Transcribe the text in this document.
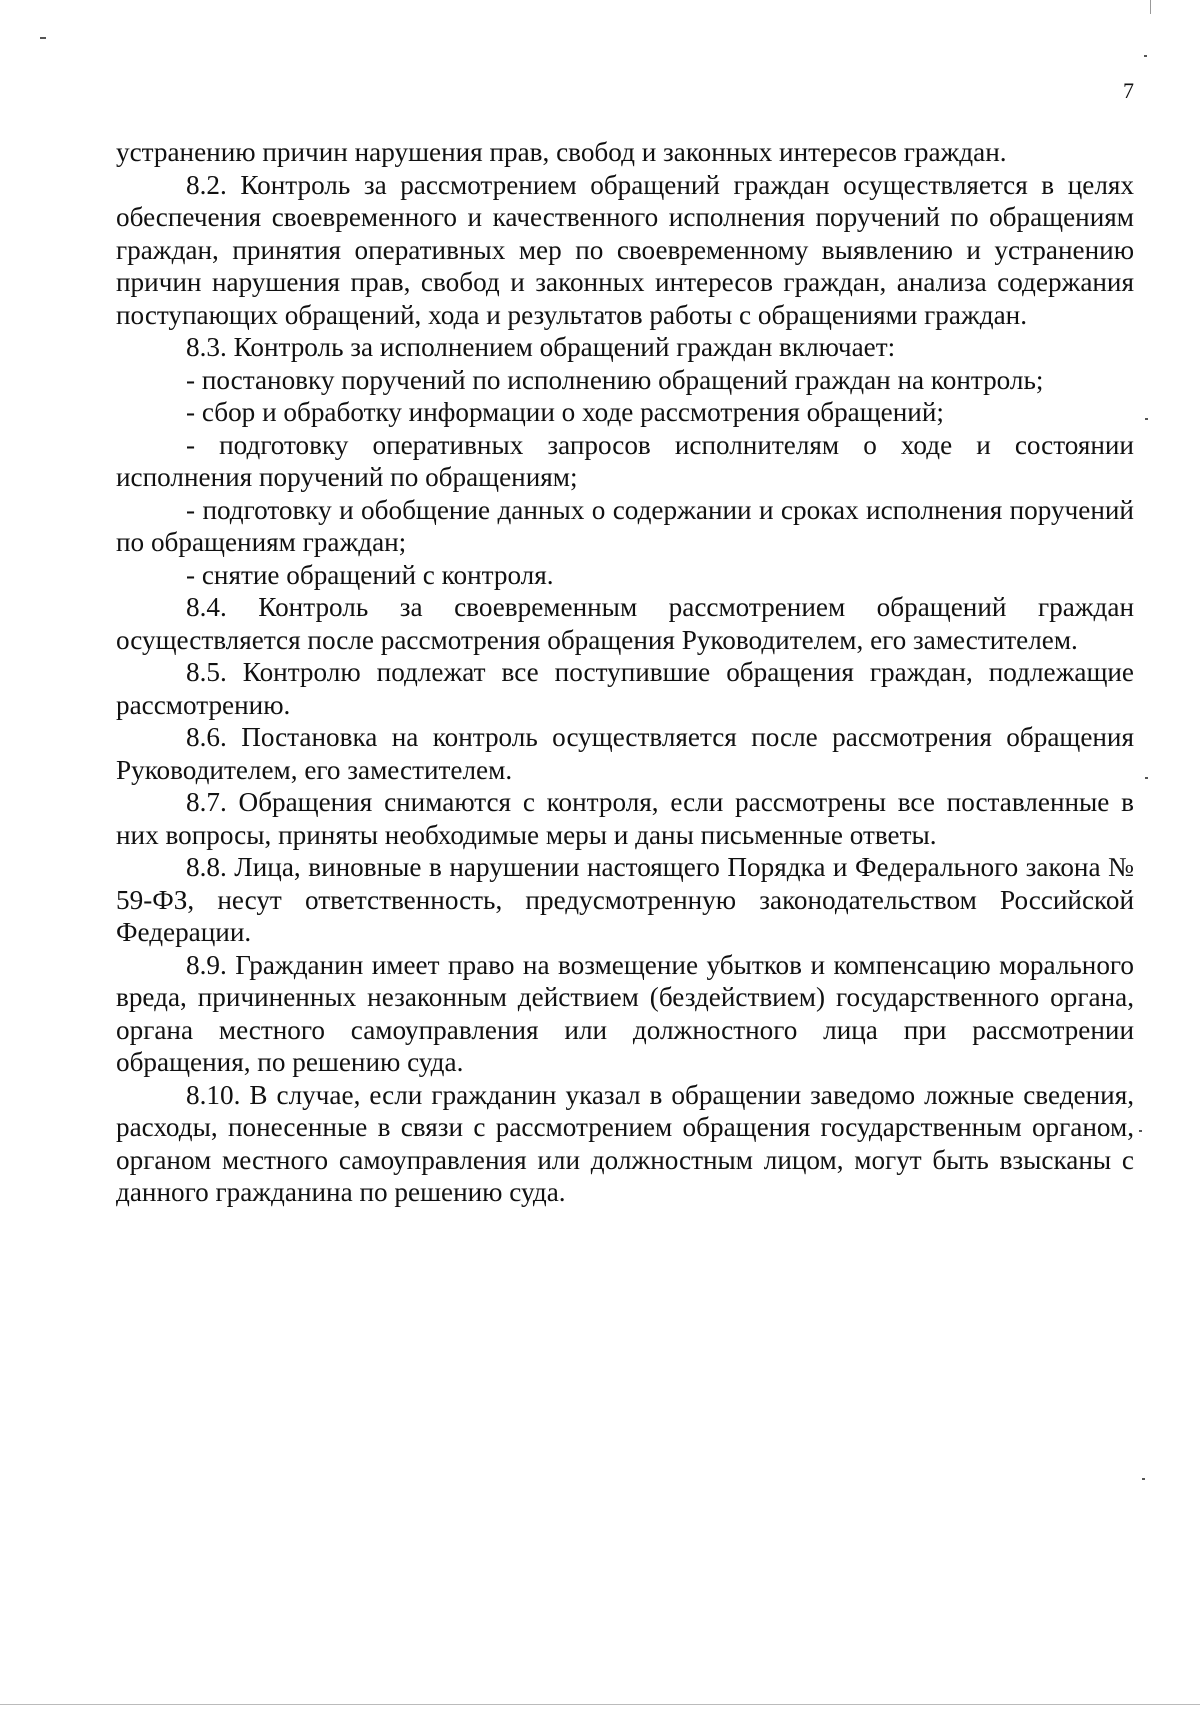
7

устранению причин нарушения прав, свобод и законных интересов граждан.

8.2. Контроль за рассмотрением обращений граждан осуществляется в целях обеспечения своевременного и качественного исполнения поручений по обращениям граждан, принятия оперативных мер по своевременному выявлению и устранению причин нарушения прав, свобод и законных интересов граждан, анализа содержания поступающих обращений, хода и результатов работы с обращениями граждан.

8.3. Контроль за исполнением обращений граждан включает:

- постановку поручений по исполнению обращений граждан на контроль;

- сбор и обработку информации о ходе рассмотрения обращений;

- подготовку оперативных запросов исполнителям о ходе и состоянии исполнения поручений по обращениям;

- подготовку и обобщение данных о содержании и сроках исполнения поручений по обращениям граждан;

- снятие обращений с контроля.

8.4. Контроль за своевременным рассмотрением обращений граждан осуществляется после рассмотрения обращения Руководителем, его заместителем.

8.5. Контролю подлежат все поступившие обращения граждан, подлежащие рассмотрению.

8.6. Постановка на контроль осуществляется после рассмотрения обращения Руководителем, его заместителем.

8.7. Обращения снимаются с контроля, если рассмотрены все поставленные в них вопросы, приняты необходимые меры и даны письменные ответы.

8.8. Лица, виновные в нарушении настоящего Порядка и Федерального закона № 59-ФЗ, несут ответственность, предусмотренную законодательством Российской Федерации.

8.9. Гражданин имеет право на возмещение убытков и компенсацию морального вреда, причиненных незаконным действием (бездействием) государственного органа, органа местного самоуправления или должностного лица при рассмотрении обращения, по решению суда.

8.10. В случае, если гражданин указал в обращении заведомо ложные сведения, расходы, понесенные в связи с рассмотрением обращения государственным органом, органом местного самоуправления или должностным лицом, могут быть взысканы с данного гражданина по решению суда.
